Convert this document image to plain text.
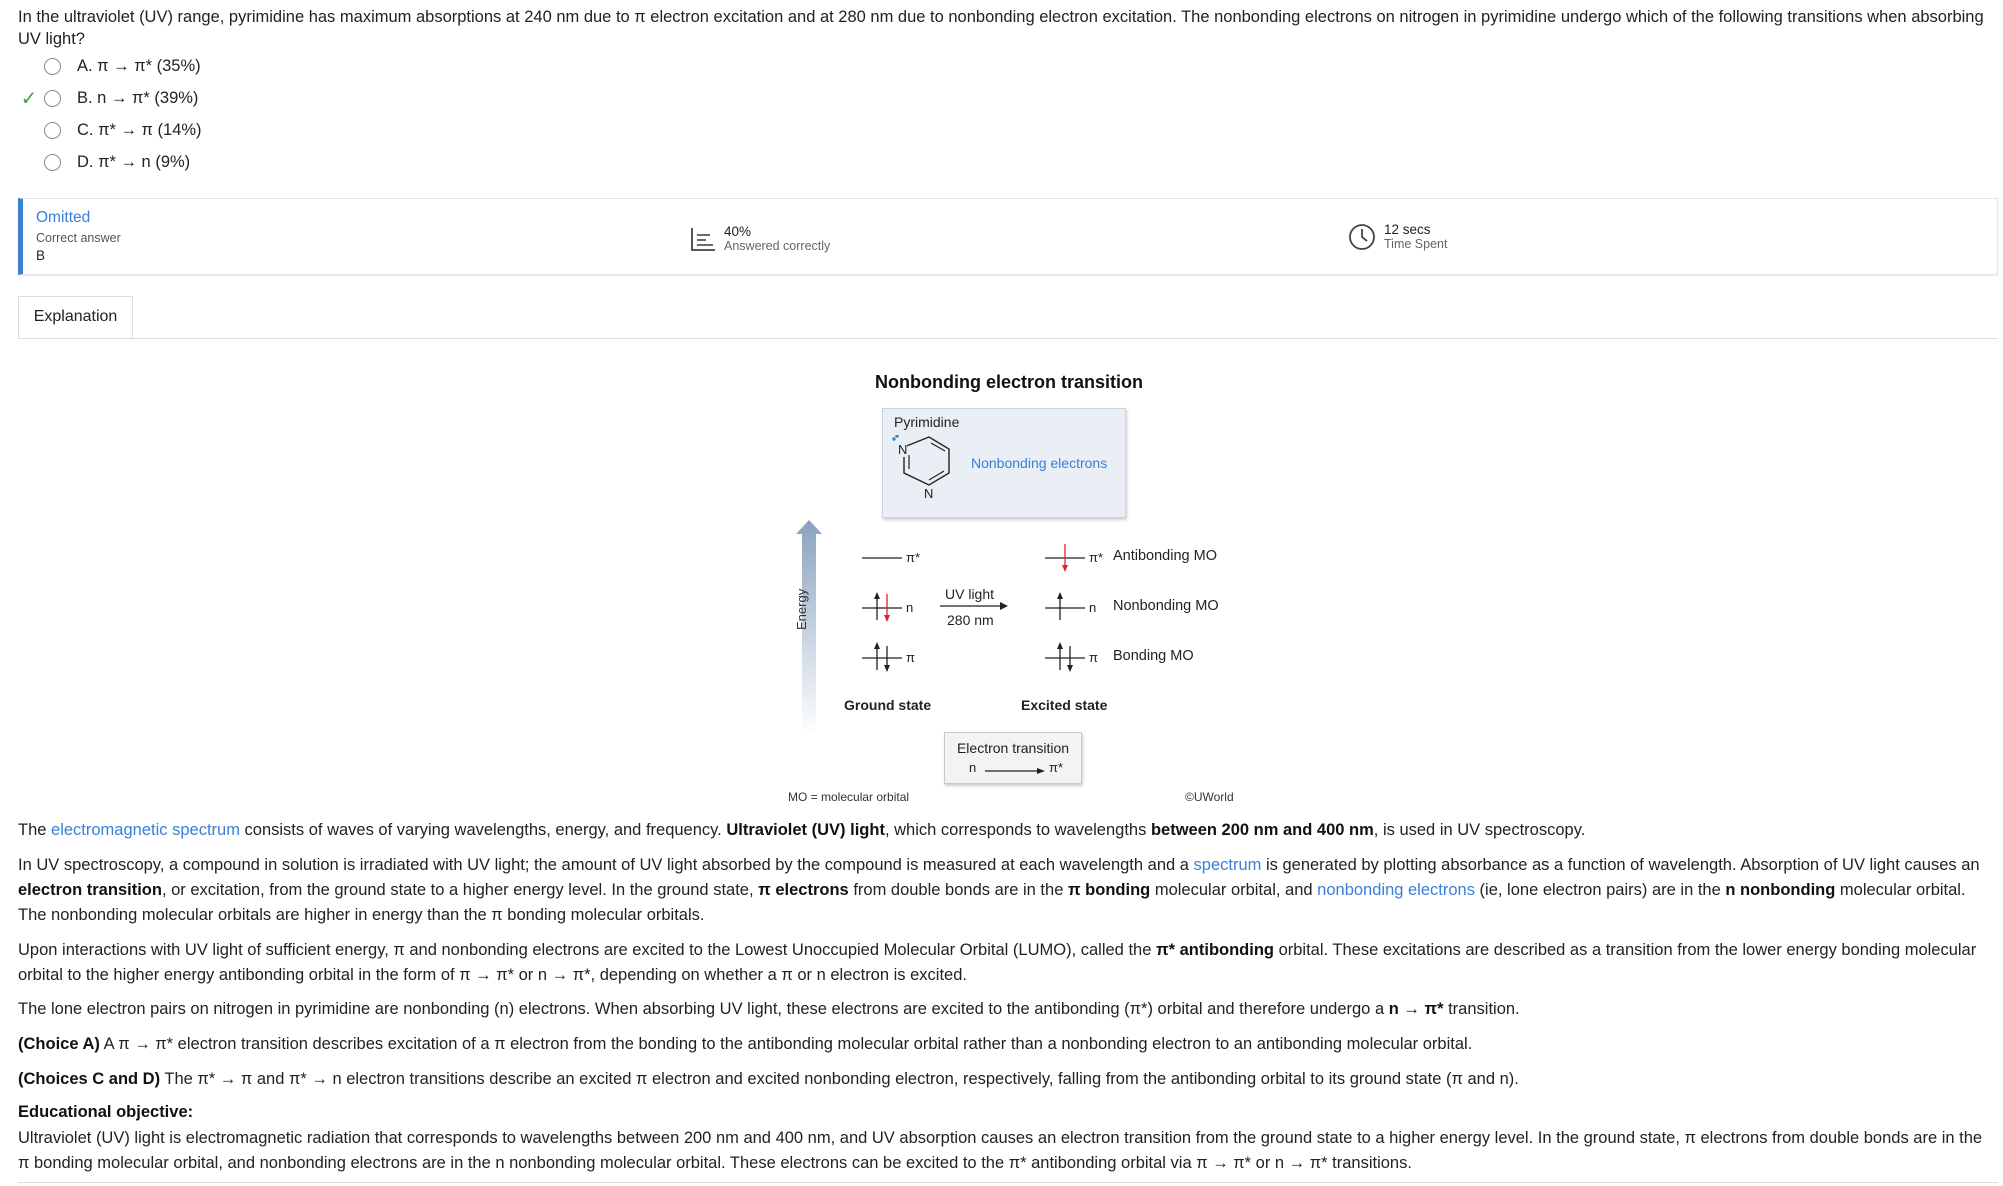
In the ultraviolet (UV) range, pyrimidine has maximum absorptions at 240 nm due to π electron excitation and at 280 nm due to nonbonding electron excitation. The nonbonding electrons on nitrogen in pyrimidine undergo which of the following transitions when absorbing UV light?
A. π → π* (35%)
✓ B. n → π* (39%)
C. π* → π (14%)
D. π* → n (9%)
Omitted
Correct answer
B
40%
Answered correctly
12 secs
Time Spent
Explanation
Nonbonding electron transition
Pyrimidine
N
N
Nonbonding electrons
Energy
π*
n
π
π*
n
π
UV light
280 nm
Antibonding MO
Nonbonding MO
Bonding MO
Ground state	Excited state
Electron transition
n	π*
MO = molecular orbital	©UWorld
The electromagnetic spectrum consists of waves of varying wavelengths, energy, and frequency. Ultraviolet (UV) light, which corresponds to wavelengths between 200 nm and 400 nm, is used in UV spectroscopy.
In UV spectroscopy, a compound in solution is irradiated with UV light; the amount of UV light absorbed by the compound is measured at each wavelength and a spectrum is generated by plotting absorbance as a function of wavelength. Absorption of UV light causes an electron transition, or excitation, from the ground state to a higher energy level. In the ground state, π electrons from double bonds are in the π bonding molecular orbital, and nonbonding electrons (ie, lone electron pairs) are in the n nonbonding molecular orbital. The nonbonding molecular orbitals are higher in energy than the π bonding molecular orbitals.
Upon interactions with UV light of sufficient energy, π and nonbonding electrons are excited to the Lowest Unoccupied Molecular Orbital (LUMO), called the π* antibonding orbital. These excitations are described as a transition from the lower energy bonding molecular orbital to the higher energy antibonding orbital in the form of π → π* or n → π*, depending on whether a π or n electron is excited.
The lone electron pairs on nitrogen in pyrimidine are nonbonding (n) electrons. When absorbing UV light, these electrons are excited to the antibonding (π*) orbital and therefore undergo a n → π* transition.
(Choice A) A π → π* electron transition describes excitation of a π electron from the bonding to the antibonding molecular orbital rather than a nonbonding electron to an antibonding molecular orbital.
(Choices C and D) The π* → π and π* → n electron transitions describe an excited π electron and excited nonbonding electron, respectively, falling from the antibonding orbital to its ground state (π and n).
Educational objective:
Ultraviolet (UV) light is electromagnetic radiation that corresponds to wavelengths between 200 nm and 400 nm, and UV absorption causes an electron transition from the ground state to a higher energy level. In the ground state, π electrons from double bonds are in the π bonding molecular orbital, and nonbonding electrons are in the n nonbonding molecular orbital. These electrons can be excited to the π* antibonding orbital via π → π* or n → π* transitions.
